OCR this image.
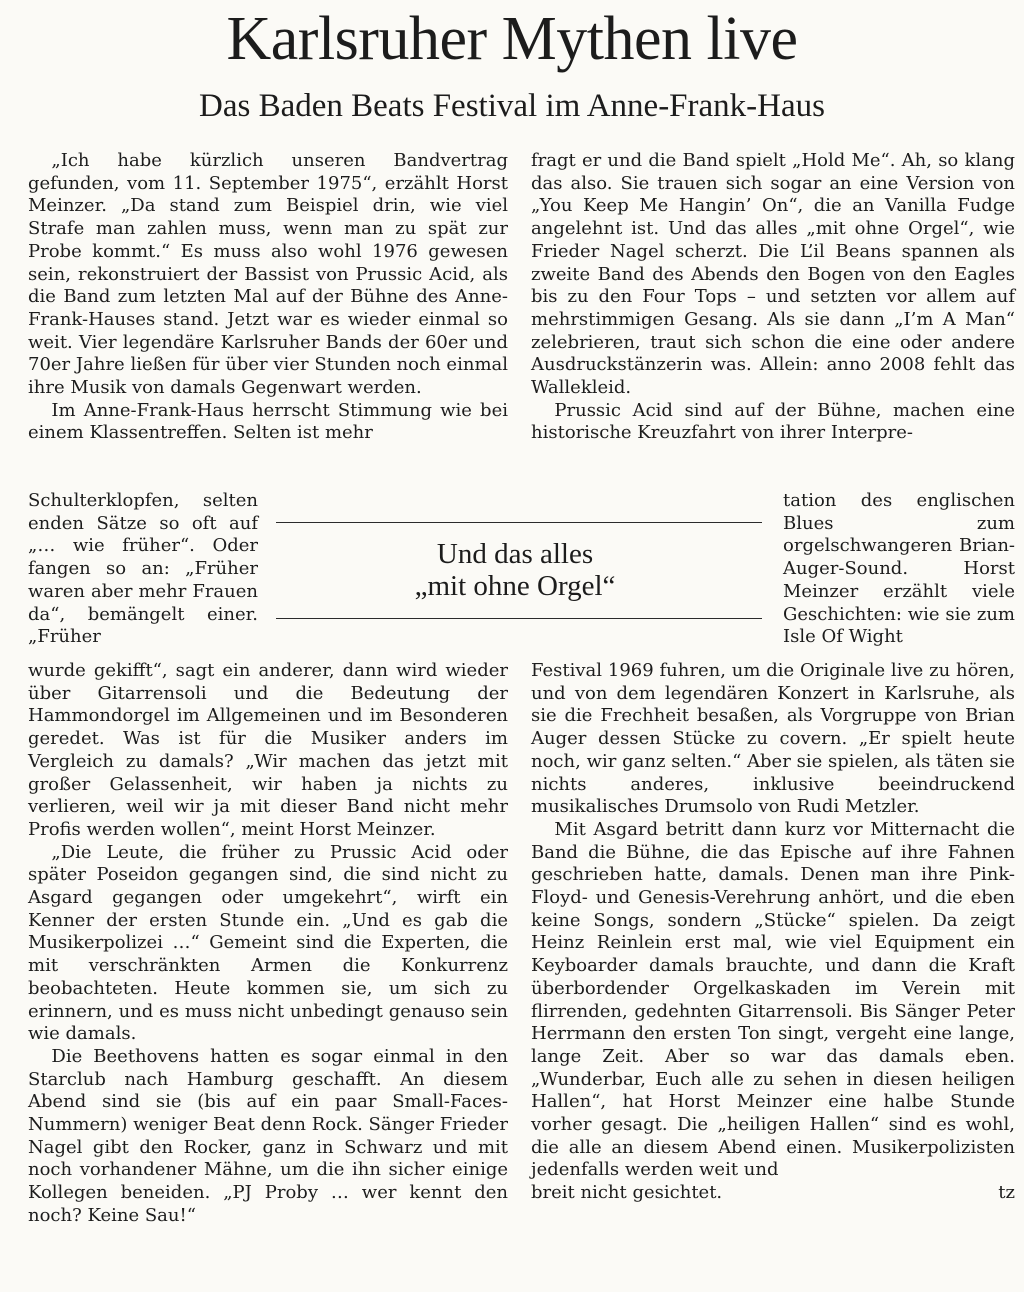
Karlsruher Mythen live
Das Baden Beats Festival im Anne-Frank-Haus

„Ich habe kürzlich unseren Bandvertrag gefunden, vom 11. September 1975“, erzählt Horst Meinzer. „Da stand zum Beispiel drin, wie viel Strafe man zahlen muss, wenn man zu spät zur Probe kommt.“ Es muss also wohl 1976 gewesen sein, rekonstruiert der Bassist von Prussic Acid, als die Band zum letzten Mal auf der Bühne des Anne-Frank-Hauses stand. Jetzt war es wieder einmal so weit. Vier legendäre Karlsruher Bands der 60er und 70er Jahre ließen für über vier Stunden noch einmal ihre Musik von damals Gegenwart werden.

Im Anne-Frank-Haus herrscht Stimmung wie bei einem Klassentreffen. Selten ist mehr

Schulterklopfen, selten enden Sätze so oft auf „… wie früher“. Oder fangen so an: „Früher waren aber mehr Frauen da“, bemängelt einer. „Früher

wurde gekifft“, sagt ein anderer, dann wird wieder über Gitarrensoli und die Bedeutung der Hammondorgel im Allgemeinen und im Besonderen geredet. Was ist für die Musiker anders im Vergleich zu damals? „Wir machen das jetzt mit großer Gelassenheit, wir haben ja nichts zu verlieren, weil wir ja mit dieser Band nicht mehr Profis werden wollen“, meint Horst Meinzer.

„Die Leute, die früher zu Prussic Acid oder später Poseidon gegangen sind, die sind nicht zu Asgard gegangen oder umgekehrt“, wirft ein Kenner der ersten Stunde ein. „Und es gab die Musikerpolizei …“ Gemeint sind die Experten, die mit verschränkten Armen die Konkurrenz beobachteten. Heute kommen sie, um sich zu erinnern, und es muss nicht unbedingt genauso sein wie damals.

Die Beethovens hatten es sogar einmal in den Starclub nach Hamburg geschafft. An diesem Abend sind sie (bis auf ein paar Small-Faces-Nummern) weniger Beat denn Rock. Sänger Frieder Nagel gibt den Rocker, ganz in Schwarz und mit noch vorhandener Mähne, um die ihn sicher einige Kollegen beneiden. „PJ Proby … wer kennt den noch? Keine Sau!“

Und das alles
„mit ohne Orgel“

fragt er und die Band spielt „Hold Me“. Ah, so klang das also. Sie trauen sich sogar an eine Version von „You Keep Me Hangin’ On“, die an Vanilla Fudge angelehnt ist. Und das alles „mit ohne Orgel“, wie Frieder Nagel scherzt. Die L’il Beans spannen als zweite Band des Abends den Bogen von den Eagles bis zu den Four Tops – und setzten vor allem auf mehrstimmigen Gesang. Als sie dann „I’m A Man“ zelebrieren, traut sich schon die eine oder andere Ausdruckstänzerin was. Allein: anno 2008 fehlt das Wallekleid.

Prussic Acid sind auf der Bühne, machen eine historische Kreuzfahrt von ihrer Interpre-

tation des englischen Blues zum orgelschwangeren Brian-Auger-Sound. Horst Meinzer erzählt viele Geschichten: wie sie zum Isle Of Wight

Festival 1969 fuhren, um die Originale live zu hören, und von dem legendären Konzert in Karlsruhe, als sie die Frechheit besaßen, als Vorgruppe von Brian Auger dessen Stücke zu covern. „Er spielt heute noch, wir ganz selten.“ Aber sie spielen, als täten sie nichts anderes, inklusive beeindruckend musikalisches Drumsolo von Rudi Metzler.

Mit Asgard betritt dann kurz vor Mitternacht die Band die Bühne, die das Epische auf ihre Fahnen geschrieben hatte, damals. Denen man ihre Pink-Floyd- und Genesis-Verehrung anhört, und die eben keine Songs, sondern „Stücke“ spielen. Da zeigt Heinz Reinlein erst mal, wie viel Equipment ein Keyboarder damals brauchte, und dann die Kraft überbordender Orgelkaskaden im Verein mit flirrenden, gedehnten Gitarrensoli. Bis Sänger Peter Herrmann den ersten Ton singt, vergeht eine lange, lange Zeit. Aber so war das damals eben. „Wunderbar, Euch alle zu sehen in diesen heiligen Hallen“, hat Horst Meinzer eine halbe Stunde vorher gesagt. Die „heiligen Hallen“ sind es wohl, die alle an diesem Abend einen. Musikerpolizisten jedenfalls werden weit und

breit nicht gesichtet.	tz
